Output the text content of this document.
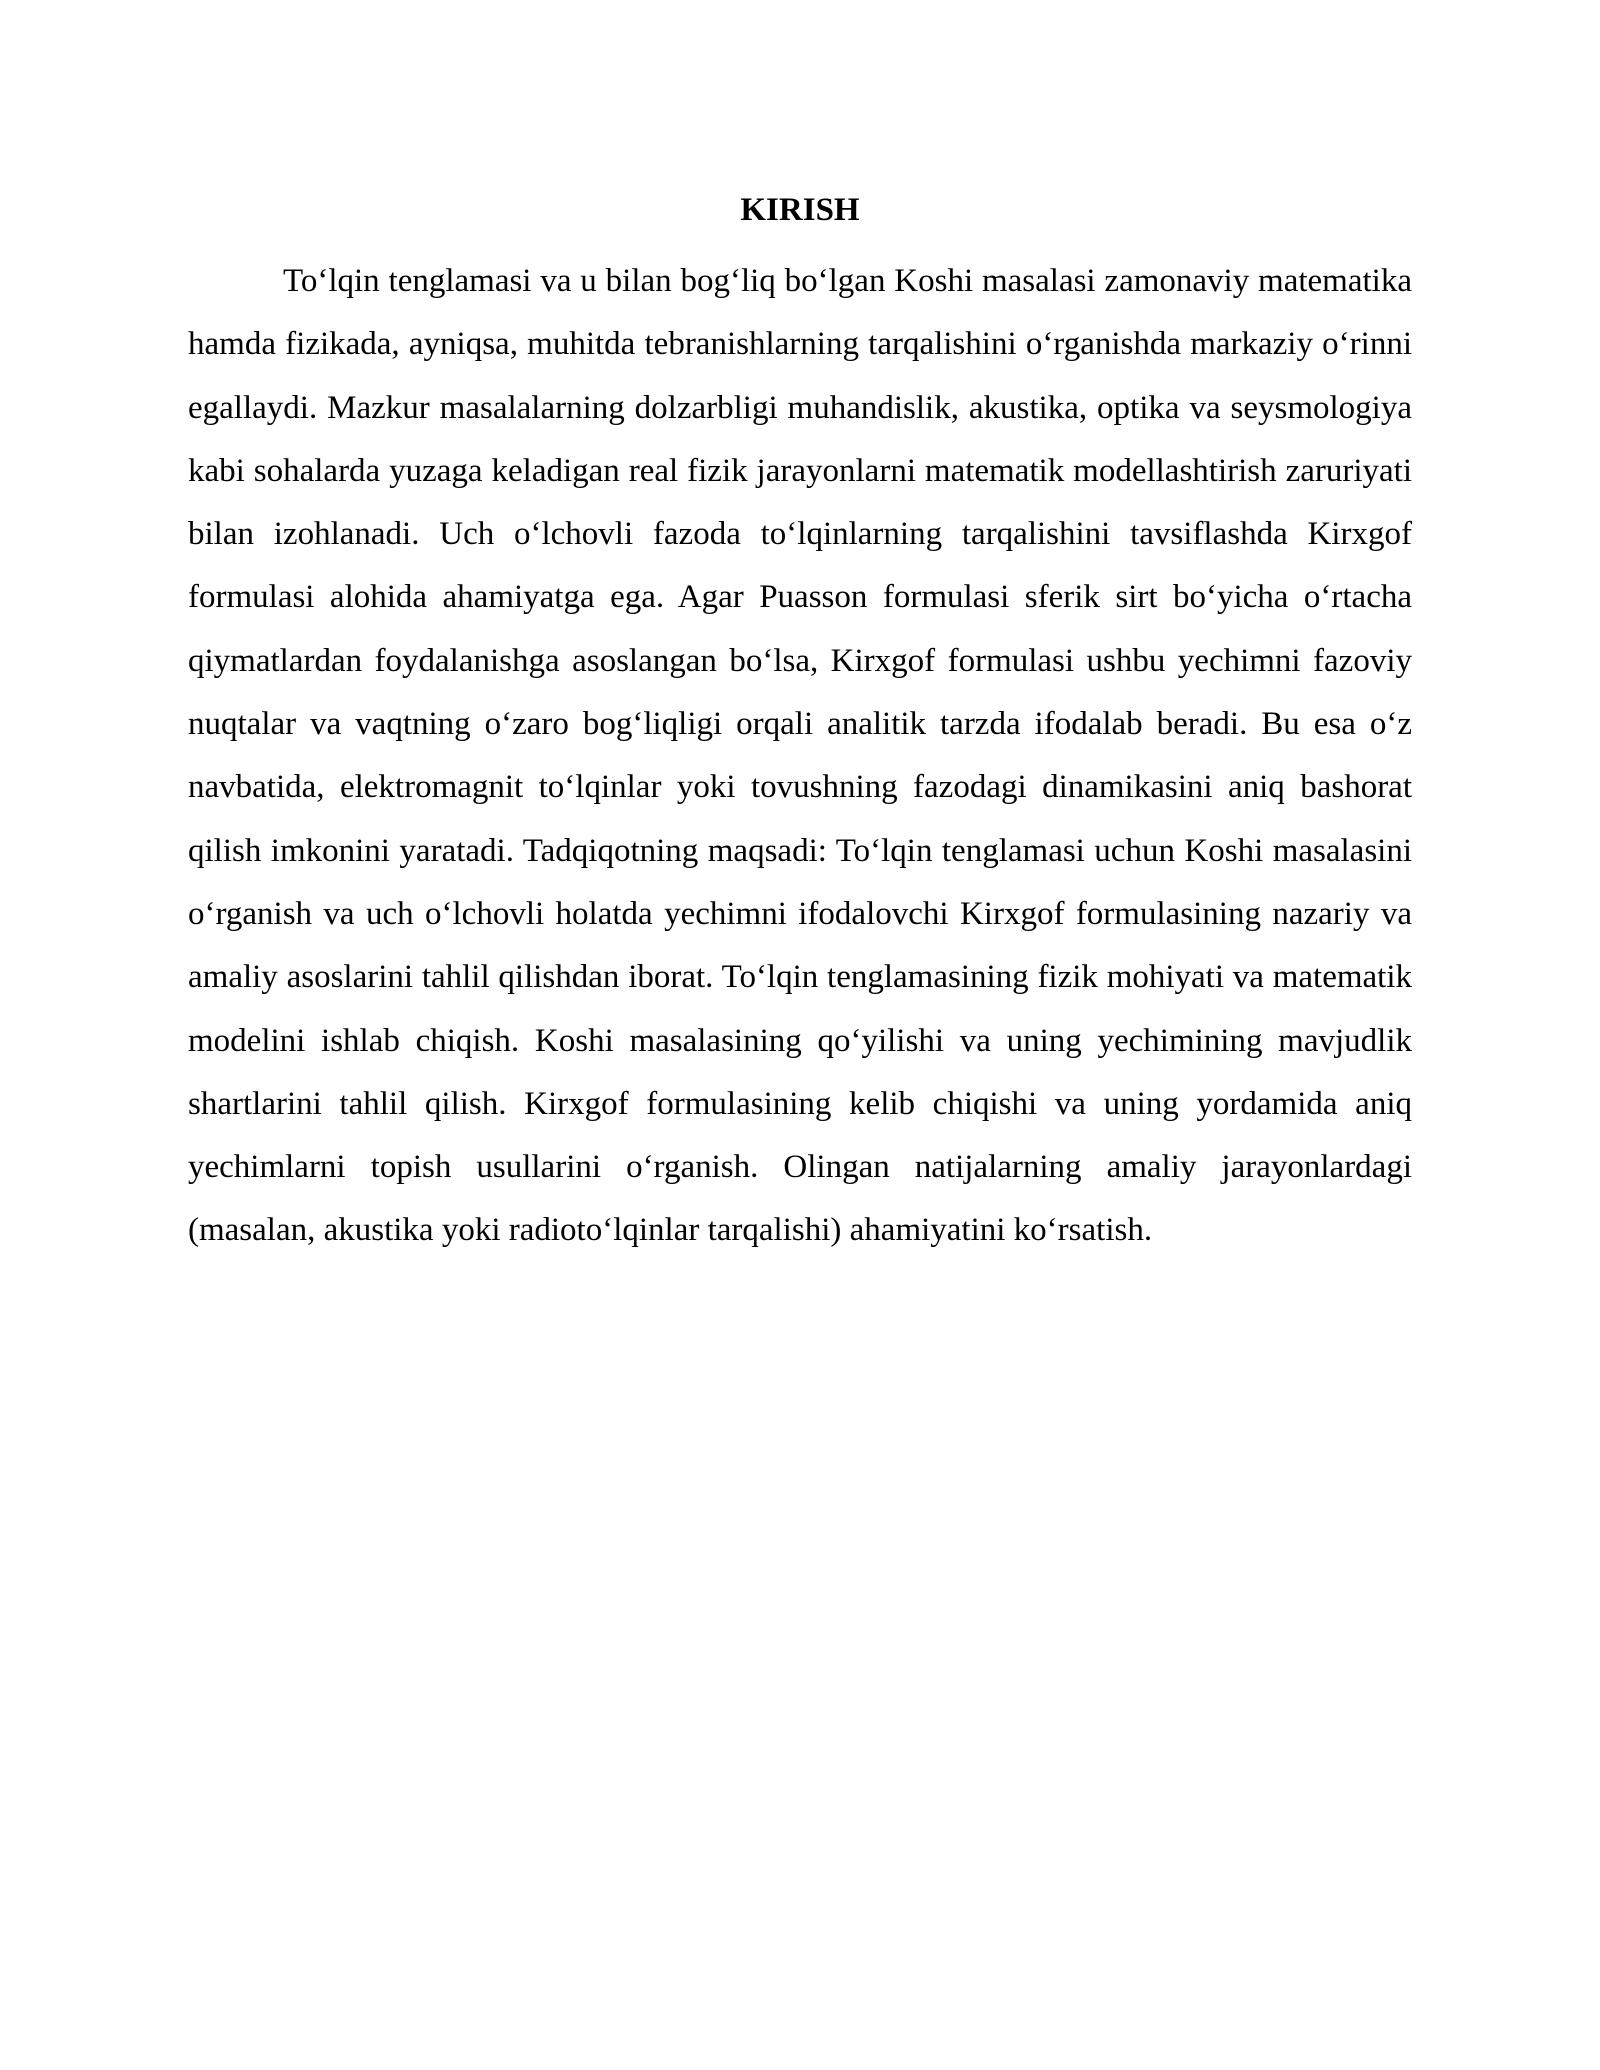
KIRISH

To‘lqin tenglamasi va u bilan bog‘liq bo‘lgan Koshi masalasi zamonaviy matematika hamda fizikada, ayniqsa, muhitda tebranishlarning tarqalishini o‘rganishda markaziy o‘rinni egallaydi. Mazkur masalalarning dolzarbligi muhandislik, akustika, optika va seysmologiya kabi sohalarda yuzaga keladigan real fizik jarayonlarni matematik modellashtirish zaruriyati bilan izohlanadi. Uch o‘lchovli fazoda to‘lqinlarning tarqalishini tavsiflashda Kirxgof formulasi alohida ahamiyatga ega. Agar Puasson formulasi sferik sirt bo‘yicha o‘rtacha qiymatlardan foydalanishga asoslangan bo‘lsa, Kirxgof formulasi ushbu yechimni fazoviy nuqtalar va vaqtning o‘zaro bog‘liqligi orqali analitik tarzda ifodalab beradi. Bu esa o‘z navbatida, elektromagnit to‘lqinlar yoki tovushning fazodagi dinamikasini aniq bashorat qilish imkonini yaratadi. Tadqiqotning maqsadi: To‘lqin tenglamasi uchun Koshi masalasini o‘rganish va uch o‘lchovli holatda yechimni ifodalovchi Kirxgof formulasining nazariy va amaliy asoslarini tahlil qilishdan iborat. To‘lqin tenglamasining fizik mohiyati va matematik modelini ishlab chiqish. Koshi masalasining qo‘yilishi va uning yechimining mavjudlik shartlarini tahlil qilish. Kirxgof formulasining kelib chiqishi va uning yordamida aniq yechimlarni topish usullarini o‘rganish. Olingan natijalarning amaliy jarayonlardagi (masalan, akustika yoki radioto‘lqinlar tarqalishi) ahamiyatini ko‘rsatish.
